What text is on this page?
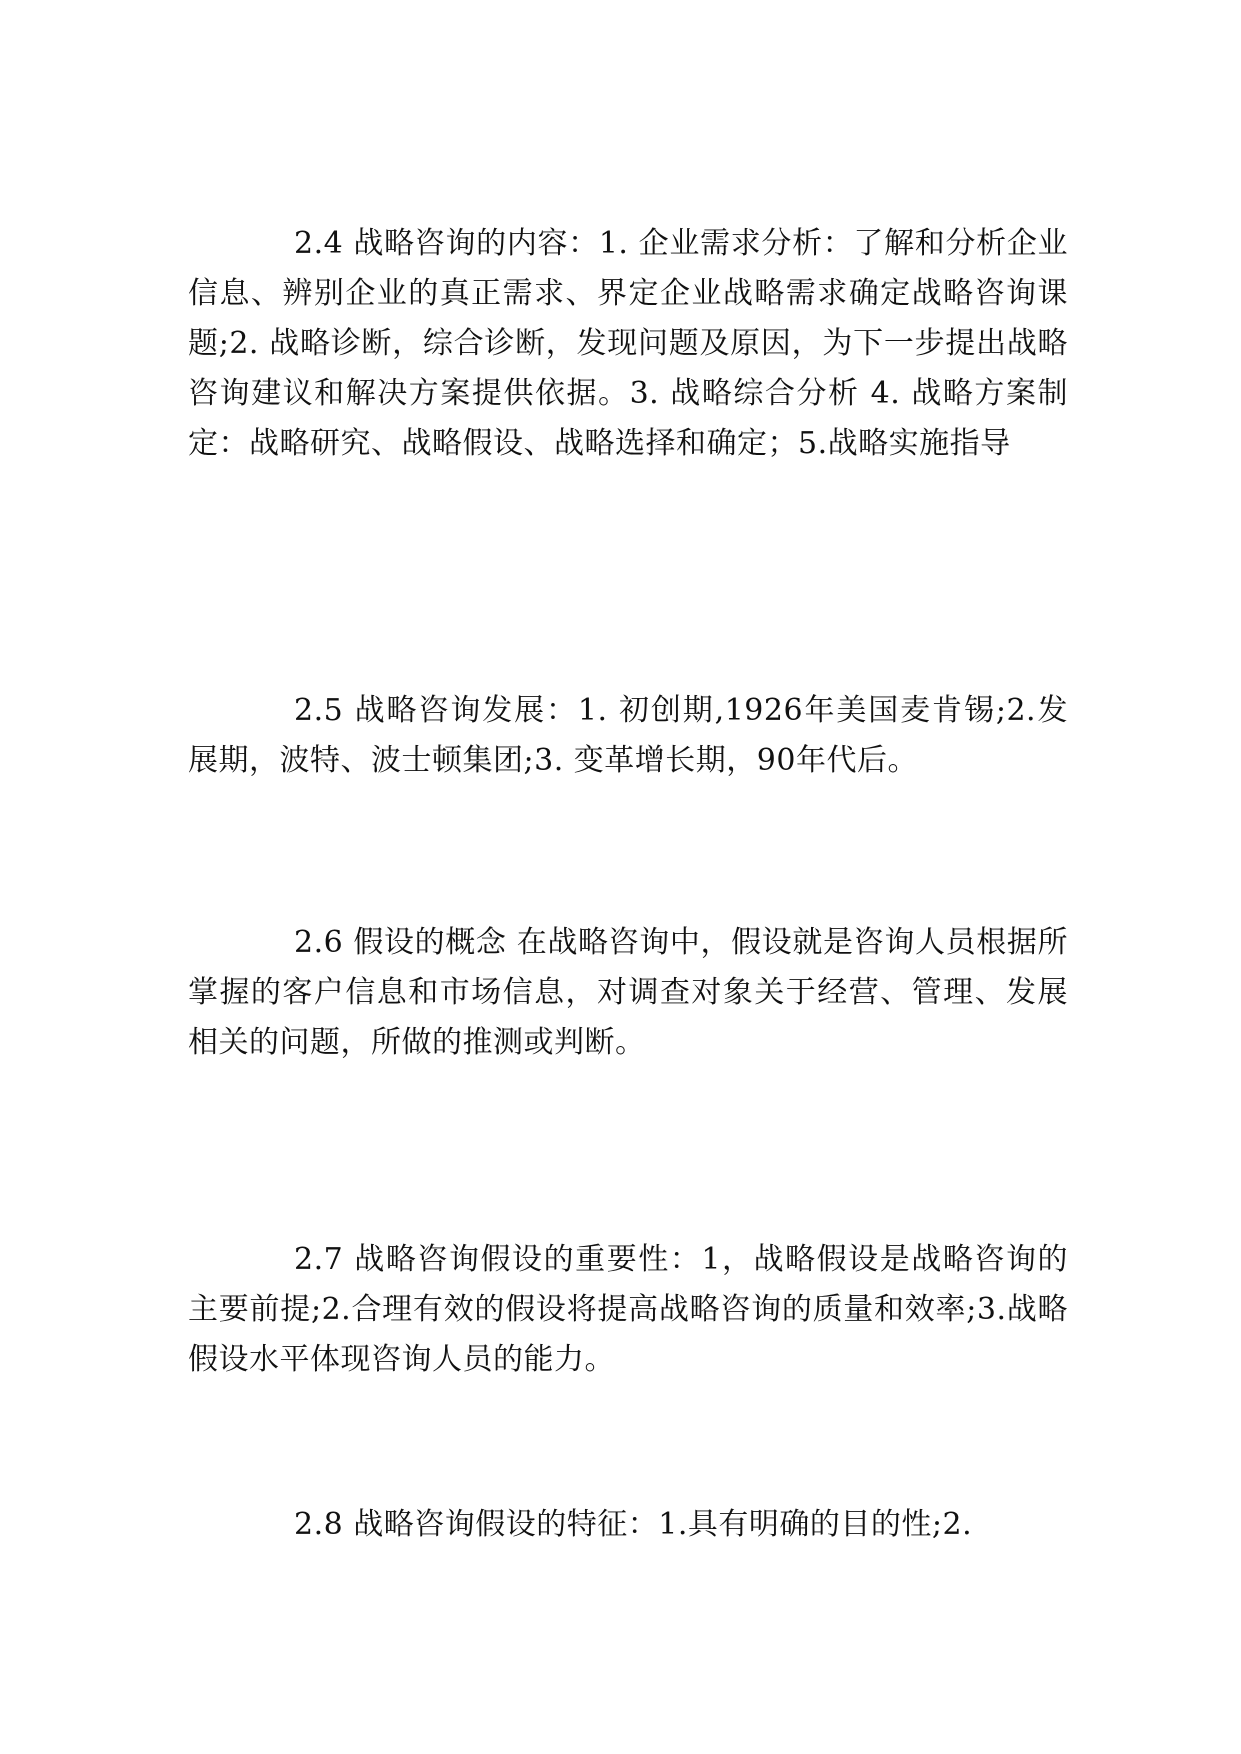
2.4 战略咨询的内容：1. 企业需求分析：了解和分析企业信息、辨别企业的真正需求、界定企业战略需求确定战略咨询课题;2. 战略诊断，综合诊断，发现问题及原因，为下一步提出战略咨询建议和解决方案提供依据。3. 战略综合分析 4. 战略方案制定：战略研究、战略假设、战略选择和确定；5.战略实施指导

2.5 战略咨询发展：1. 初创期,1926年美国麦肯锡;2.发展期，波特、波士顿集团;3. 变革增长期，90年代后。

2.6 假设的概念 在战略咨询中，假设就是咨询人员根据所掌握的客户信息和市场信息，对调查对象关于经营、管理、发展相关的问题，所做的推测或判断。

2.7 战略咨询假设的重要性：1，战略假设是战略咨询的主要前提;2.合理有效的假设将提高战略咨询的质量和效率;3.战略假设水平体现咨询人员的能力。

2.8 战略咨询假设的特征：1.具有明确的目的性;2.
